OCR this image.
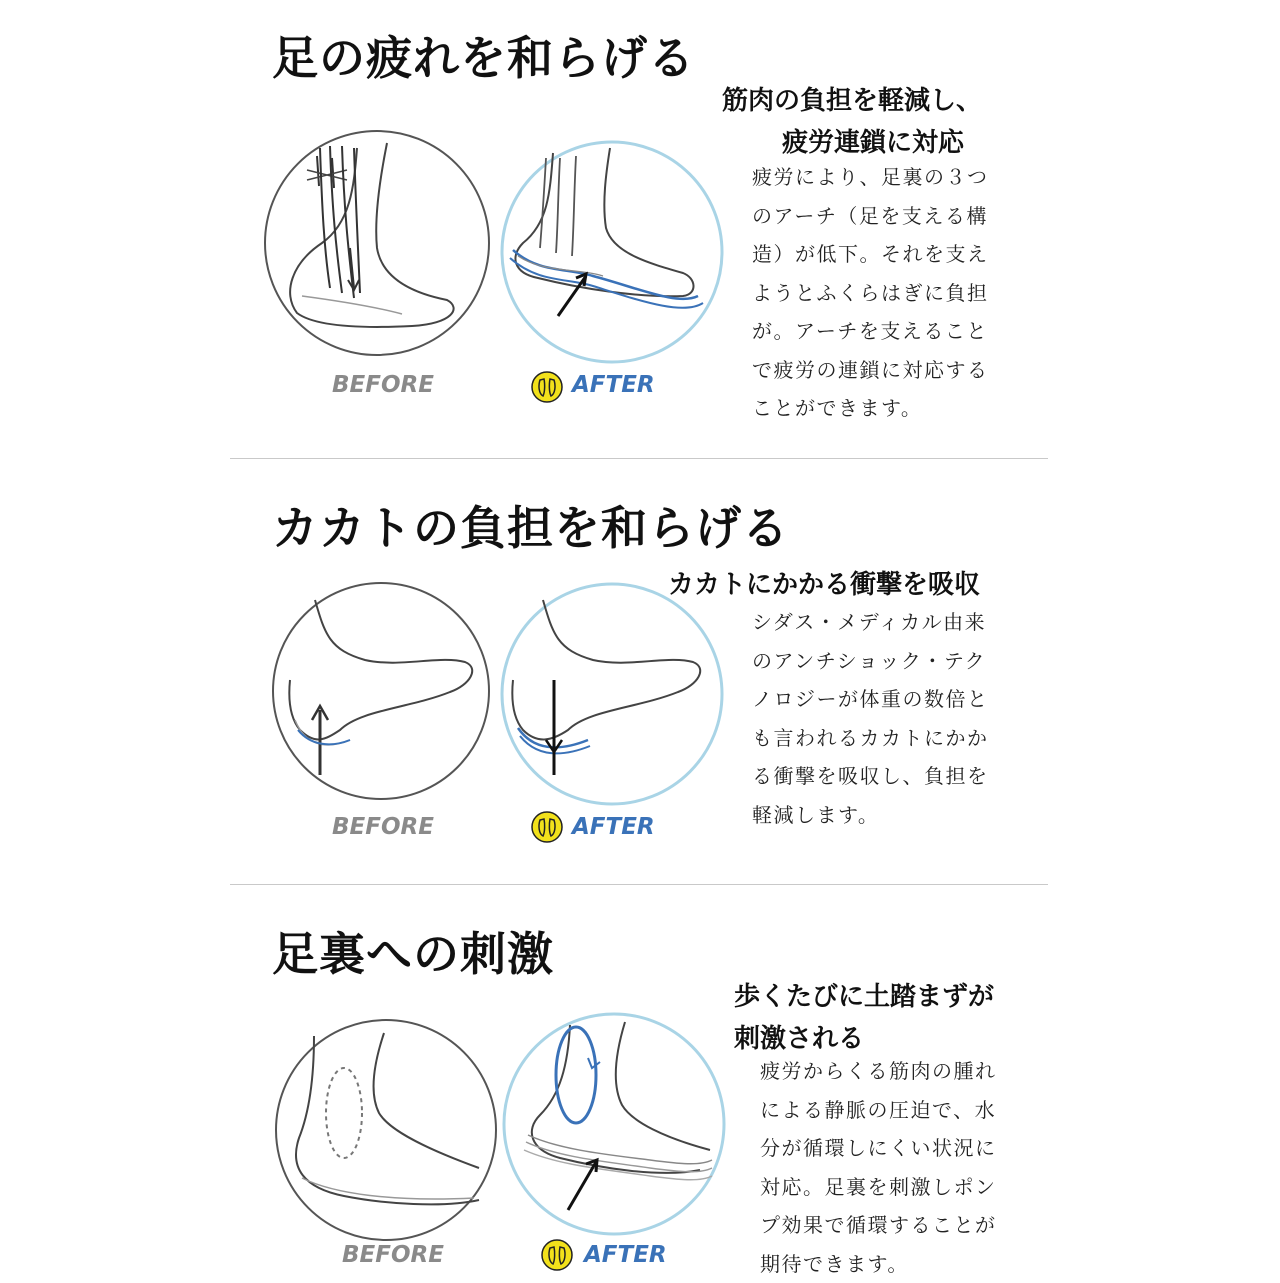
足の疲れを和らげる
筋肉の負担を軽減し、
疲労連鎖に対応
疲労により、足裏の３つ
のアーチ（足を支える構
造）が低下。それを支え
ようとふくらはぎに負担
が。アーチを支えること
で疲労の連鎖に対応する
ことができます。
BEFORE	AFTER
カカトの負担を和らげる
カカトにかかる衝撃を吸収
シダス・メディカル由来
のアンチショック・テク
ノロジーが体重の数倍と
も言われるカカトにかか
る衝撃を吸収し、負担を
軽減します。
BEFORE	AFTER
足裏への刺激
歩くたびに土踏まずが
刺激される
疲労からくる筋肉の腫れ
による静脈の圧迫で、水
分が循環しにくい状況に
対応。足裏を刺激しポン
プ効果で循環することが
期待できます。
BEFORE	AFTER
